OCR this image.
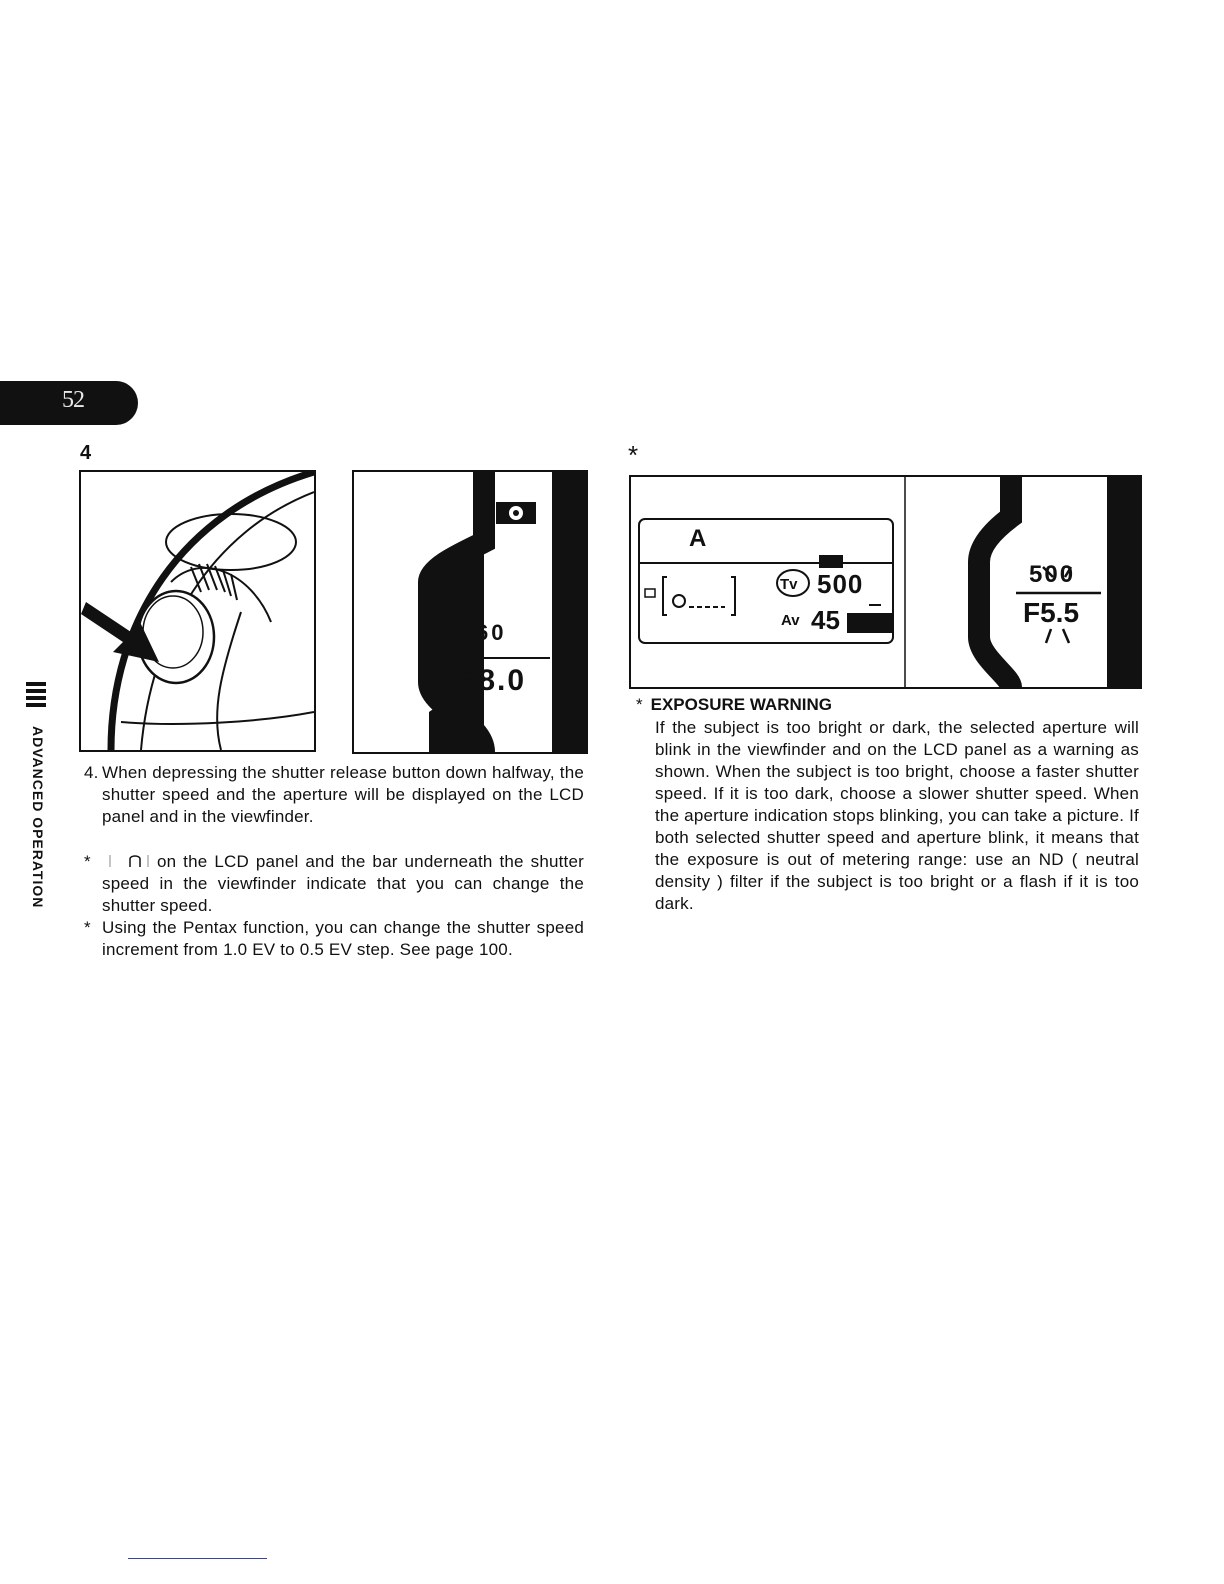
52
ADVANCED OPERATION
4	*
60
F8.0
Tv
Av
A
500
45
500
F5.5
4. When depressing the shutter release button down halfway, the shutter speed and the aperture will be displayed on the LCD panel and in the viewfinder.
*	on the LCD panel and the bar underneath the shutter speed in the viewfinder indicate that you can change the shutter speed.
* Using the Pentax function, you can change the shutter speed increment from 1.0 EV to 0.5 EV step. See page 100.
* EXPOSURE WARNING
If the subject is too bright or dark, the selected aperture will blink in the viewfinder and on the LCD panel as a warning as shown. When the subject is too bright, choose a faster shutter speed. If it is too dark, choose a slower shutter speed. When the aperture indication stops blinking, you can take a picture. If both selected shutter speed and aperture blink, it means that the exposure is out of metering range: use an ND ( neutral density ) filter if the subject is too bright or a flash if it is too dark.
